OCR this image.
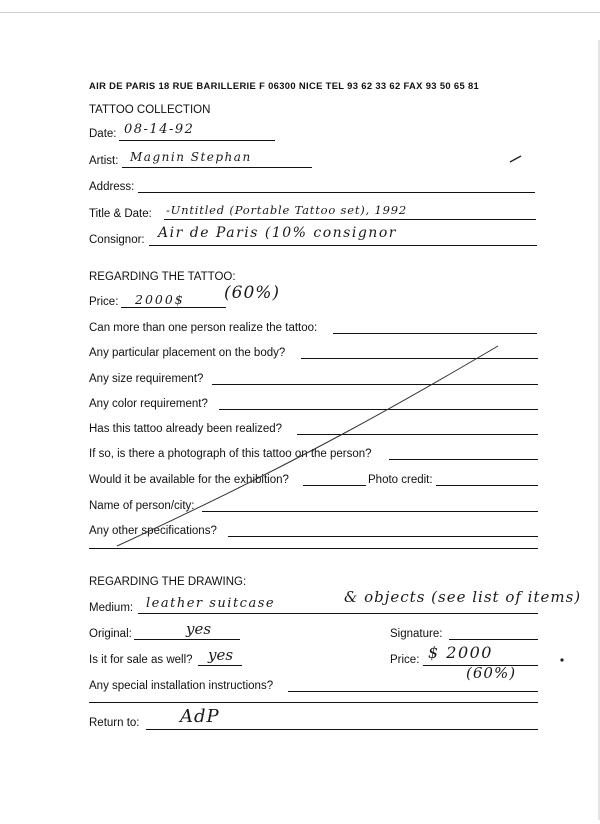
AIR DE PARIS 18 RUE BARILLERIE F 06300 NICE TEL 93 62 33 62 FAX 93 50 65 81
TATTOO COLLECTION
Date: 08-14-92
Artist: Magnin Stephan
Address:
Title & Date: -Untitled (Portable Tattoo set), 1992
Consignor: Air de Paris (10% consignor
REGARDING THE TATTOO:
Price: 2000$ (60%)
Can more than one person realize the tattoo:
Any particular placement on the body?
Any size requirement?
Any color requirement?
Has this tattoo already been realized?
If so, is there a photograph of this tattoo on the person?
Would it be available for the exhibition?	Photo credit:
Name of person/city:
Any other specifications?
REGARDING THE DRAWING:
Medium: leather suitcase	& objects (see list of items)
Original:	yes	Signature:
Is it for sale as well? yes	Price: $ 2000
(60%)
Any special installation instructions?
Return to: AdP
